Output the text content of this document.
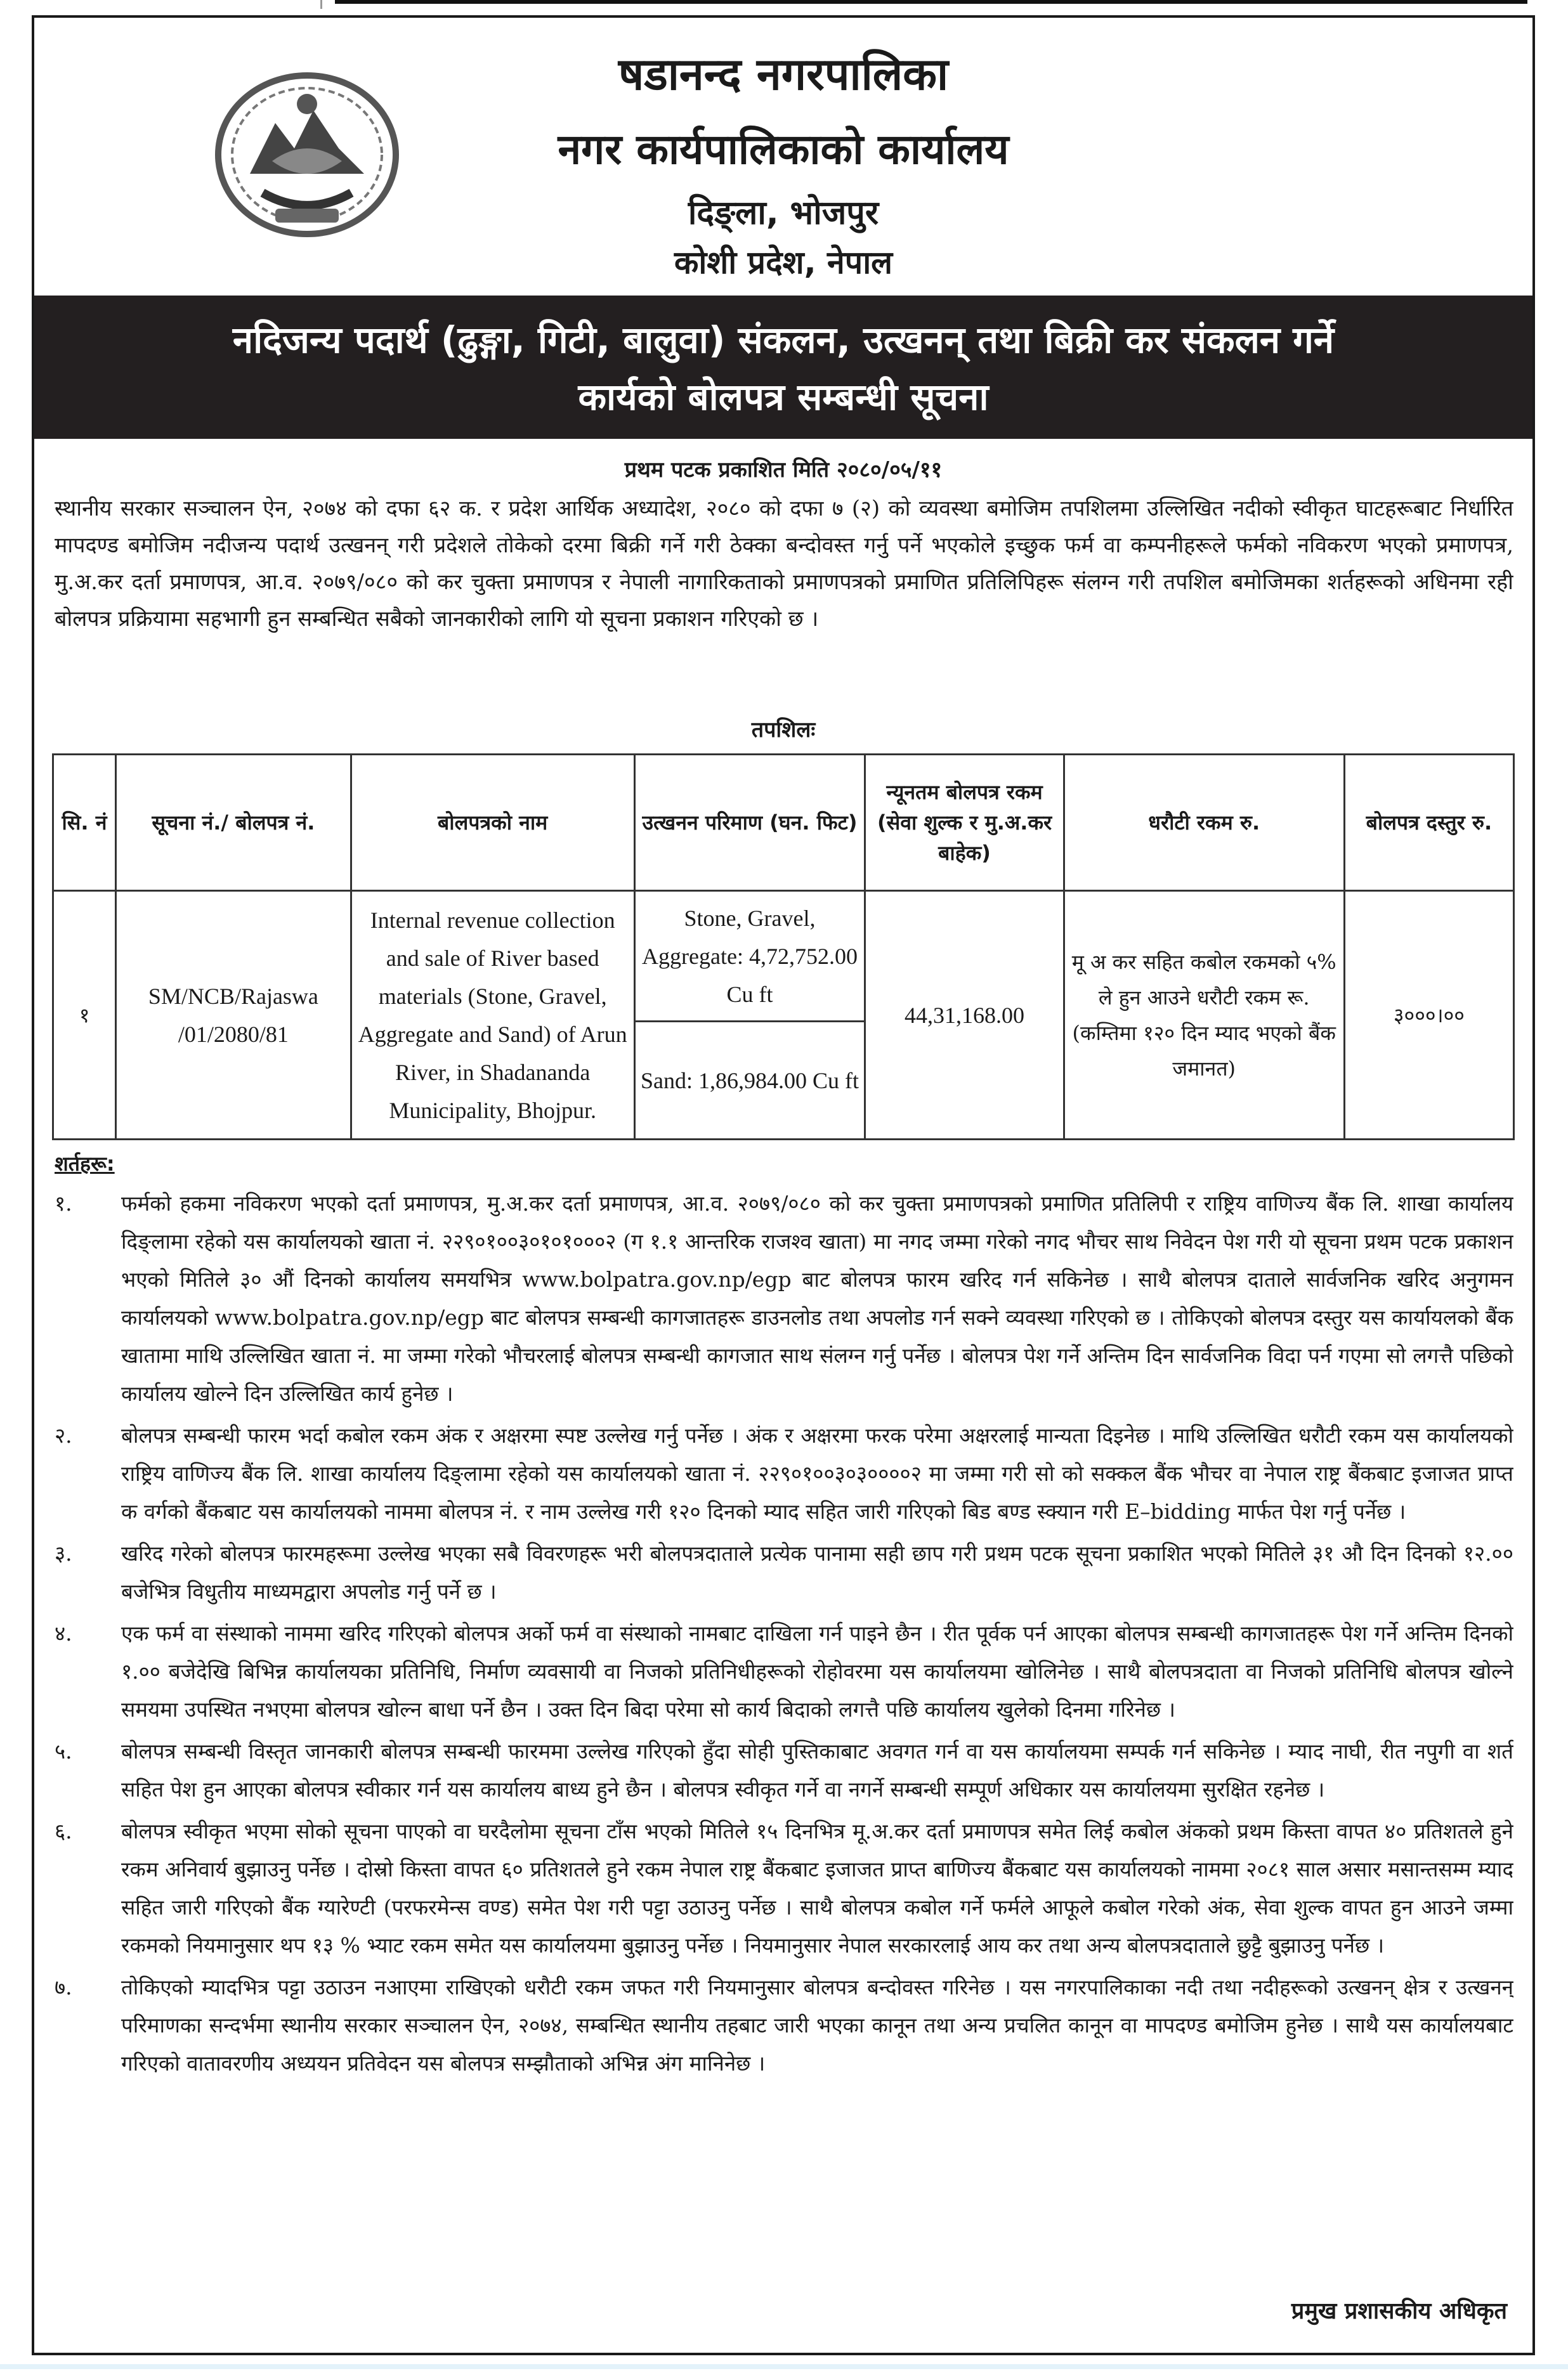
षडानन्द नगरपालिका
नगर कार्यपालिकाको कार्यालय
दिङ्ला, भोजपुर
कोशी प्रदेश, नेपाल
नदिजन्य पदार्थ (ढुङ्गा, गिटी, बालुवा) संकलन, उत्खनन् तथा बिक्री कर संकलन गर्ने
कार्यको बोलपत्र सम्बन्धी सूचना
प्रथम पटक प्रकाशित मिति २०८०/०५/११
स्थानीय सरकार सञ्चालन ऐन, २०७४ को दफा ६२ क. र प्रदेश आर्थिक अध्यादेश, २०८० को दफा ७ (२) को व्यवस्था बमोजिम तपशिलमा उल्लिखित नदीको स्वीकृत घाटहरूबाट निर्धारित मापदण्ड बमोजिम नदीजन्य पदार्थ उत्खनन् गरी प्रदेशले तोकेको दरमा बिक्री गर्ने गरी ठेक्का बन्दोवस्त गर्नु पर्ने भएकोले इच्छुक फर्म वा कम्पनीहरूले फर्मको नविकरण भएको प्रमाणपत्र, मु.अ.कर दर्ता प्रमाणपत्र, आ.व. २०७९/०८० को कर चुक्ता प्रमाणपत्र र नेपाली नागारिकताको प्रमाणपत्रको प्रमाणित प्रतिलिपिहरू संलग्न गरी तपशिल बमोजिमका शर्तहरूको अधिनमा रही बोलपत्र प्रक्रियामा सहभागी हुन सम्बन्धित सबैको जानकारीको लागि यो सूचना प्रकाशन गरिएको छ ।
तपशिलः
सि. नं	सूचना नं./ बोलपत्र नं.	बोलपत्रको नाम	उत्खनन परिमाण (घन. फिट)	न्यूनतम बोलपत्र रकम (सेवा शुल्क र मु.अ.कर बाहेक)	धरौटी रकम रु.	बोलपत्र दस्तुर रु.
१	SM/NCB/Rajaswa /01/2080/81	Internal revenue collection and sale of River based materials (Stone, Gravel, Aggregate and Sand) of Arun River, in Shadananda Municipality, Bhojpur.	Stone, Gravel, Aggregate: 4,72,752.00 Cu ft	44,31,168.00	मू अ कर सहित कबोल रकमको ५% ले हुन आउने धरौटी रकम रू. (कम्तिमा १२० दिन म्याद भएको बैंक जमानत)	३०००।००
			Sand: 1,86,984.00 Cu ft			
शर्तहरू:
१.	फर्मको हकमा नविकरण भएको दर्ता प्रमाणपत्र, मु.अ.कर दर्ता प्रमाणपत्र, आ.व. २०७९/०८० को कर चुक्ता प्रमाणपत्रको प्रमाणित प्रतिलिपी र राष्ट्रिय वाणिज्य बैंक लि. शाखा कार्यालय दिङ्लामा रहेको यस कार्यालयको खाता नं. २२९०१००३०१०१०००२ (ग १.१ आन्तरिक राजश्व खाता) मा नगद जम्मा गरेको नगद भौचर साथ निवेदन पेश गरी यो सूचना प्रथम पटक प्रकाशन भएको मितिले ३० औं दिनको कार्यालय समयभित्र www.bolpatra.gov.np/egp बाट बोलपत्र फारम खरिद गर्न सकिनेछ । साथै बोलपत्र दाताले सार्वजनिक खरिद अनुगमन कार्यालयको www.bolpatra.gov.np/egp बाट बोलपत्र सम्बन्धी कागजातहरू डाउनलोड तथा अपलोड गर्न सक्ने व्यवस्था गरिएको छ । तोकिएको बोलपत्र दस्तुर यस कार्यायलको बैंक खातामा माथि उल्लिखित खाता नं. मा जम्मा गरेको भौचरलाई बोलपत्र सम्बन्धी कागजात साथ संलग्न गर्नु पर्नेछ । बोलपत्र पेश गर्ने अन्तिम दिन सार्वजनिक विदा पर्न गएमा सो लगत्तै पछिको कार्यालय खोल्ने दिन उल्लिखित कार्य हुनेछ ।
२.	बोलपत्र सम्बन्धी फारम भर्दा कबोल रकम अंक र अक्षरमा स्पष्ट उल्लेख गर्नु पर्नेछ । अंक र अक्षरमा फरक परेमा अक्षरलाई मान्यता दिइनेछ । माथि उल्लिखित धरौटी रकम यस कार्यालयको राष्ट्रिय वाणिज्य बैंक लि. शाखा कार्यालय दिङ्लामा रहेको यस कार्यालयको खाता नं. २२९०१००३०३००००२ मा जम्मा गरी सो को सक्कल बैंक भौचर वा नेपाल राष्ट्र बैंकबाट इजाजत प्राप्त क वर्गको बैंकबाट यस कार्यालयको नाममा बोलपत्र नं. र नाम उल्लेख गरी १२० दिनको म्याद सहित जारी गरिएको बिड बण्ड स्क्यान गरी E–bidding मार्फत पेश गर्नु पर्नेछ ।
३.	खरिद गरेको बोलपत्र फारमहरूमा उल्लेख भएका सबै विवरणहरू भरी बोलपत्रदाताले प्रत्येक पानामा सही छाप गरी प्रथम पटक सूचना प्रकाशित भएको मितिले ३१ औ दिन दिनको १२.०० बजेभित्र विधुतीय माध्यमद्वारा अपलोड गर्नु पर्ने छ ।
४.	एक फर्म वा संस्थाको नाममा खरिद गरिएको बोलपत्र अर्को फर्म वा संस्थाको नामबाट दाखिला गर्न पाइने छैन । रीत पूर्वक पर्न आएका बोलपत्र सम्बन्धी कागजातहरू पेश गर्ने अन्तिम दिनको १.०० बजेदेखि बिभिन्न कार्यालयका प्रतिनिधि, निर्माण व्यवसायी वा निजको प्रतिनिधीहरूको रोहोवरमा यस कार्यालयमा खोलिनेछ । साथै बोलपत्रदाता वा निजको प्रतिनिधि बोलपत्र खोल्ने समयमा उपस्थित नभएमा बोलपत्र खोल्न बाधा पर्ने छैन । उक्त दिन बिदा परेमा सो कार्य बिदाको लगत्तै पछि कार्यालय खुलेको दिनमा गरिनेछ ।
५.	बोलपत्र सम्बन्धी विस्तृत जानकारी बोलपत्र सम्बन्धी फारममा उल्लेख गरिएको हुँदा सोही पुस्तिकाबाट अवगत गर्न वा यस कार्यालयमा सम्पर्क गर्न सकिनेछ । म्याद नाघी, रीत नपुगी वा शर्त सहित पेश हुन आएका बोलपत्र स्वीकार गर्न यस कार्यालय बाध्य हुने छैन । बोलपत्र स्वीकृत गर्ने वा नगर्ने सम्बन्धी सम्पूर्ण अधिकार यस कार्यालयमा सुरक्षित रहनेछ ।
६.	बोलपत्र स्वीकृत भएमा सोको सूचना पाएको वा घरदैलोमा सूचना टाँस भएको मितिले १५ दिनभित्र मू.अ.कर दर्ता प्रमाणपत्र समेत लिई कबोल अंकको प्रथम किस्ता वापत ४० प्रतिशतले हुने रकम अनिवार्य बुझाउनु पर्नेछ । दोस्रो किस्ता वापत ६० प्रतिशतले हुने रकम नेपाल राष्ट्र बैंकबाट इजाजत प्राप्त बाणिज्य बैंकबाट यस कार्यालयको नाममा २०८१ साल असार मसान्तसम्म म्याद सहित जारी गरिएको बैंक ग्यारेण्टी (परफरमेन्स वण्ड) समेत पेश गरी पट्टा उठाउनु पर्नेछ । साथै बोलपत्र कबोल गर्ने फर्मले आफूले कबोल गरेको अंक, सेवा शुल्क वापत हुन आउने जम्मा रकमको नियमानुसार थप १३ % भ्याट रकम समेत यस कार्यालयमा बुझाउनु पर्नेछ । नियमानुसार नेपाल सरकारलाई आय कर तथा अन्य बोलपत्रदाताले छुट्टै बुझाउनु पर्नेछ ।
७.	तोकिएको म्यादभित्र पट्टा उठाउन नआएमा राखिएको धरौटी रकम जफत गरी नियमानुसार बोलपत्र बन्दोवस्त गरिनेछ । यस नगरपालिकाका नदी तथा नदीहरूको उत्खनन् क्षेत्र र उत्खनन् परिमाणका सन्दर्भमा स्थानीय सरकार सञ्चालन ऐन, २०७४, सम्बन्धित स्थानीय तहबाट जारी भएका कानून तथा अन्य प्रचलित कानून वा मापदण्ड बमोजिम हुनेछ । साथै यस कार्यालयबाट गरिएको वातावरणीय अध्ययन प्रतिवेदन यस बोलपत्र सम्झौताको अभिन्न अंग मानिनेछ ।
प्रमुख प्रशासकीय अधिकृत
